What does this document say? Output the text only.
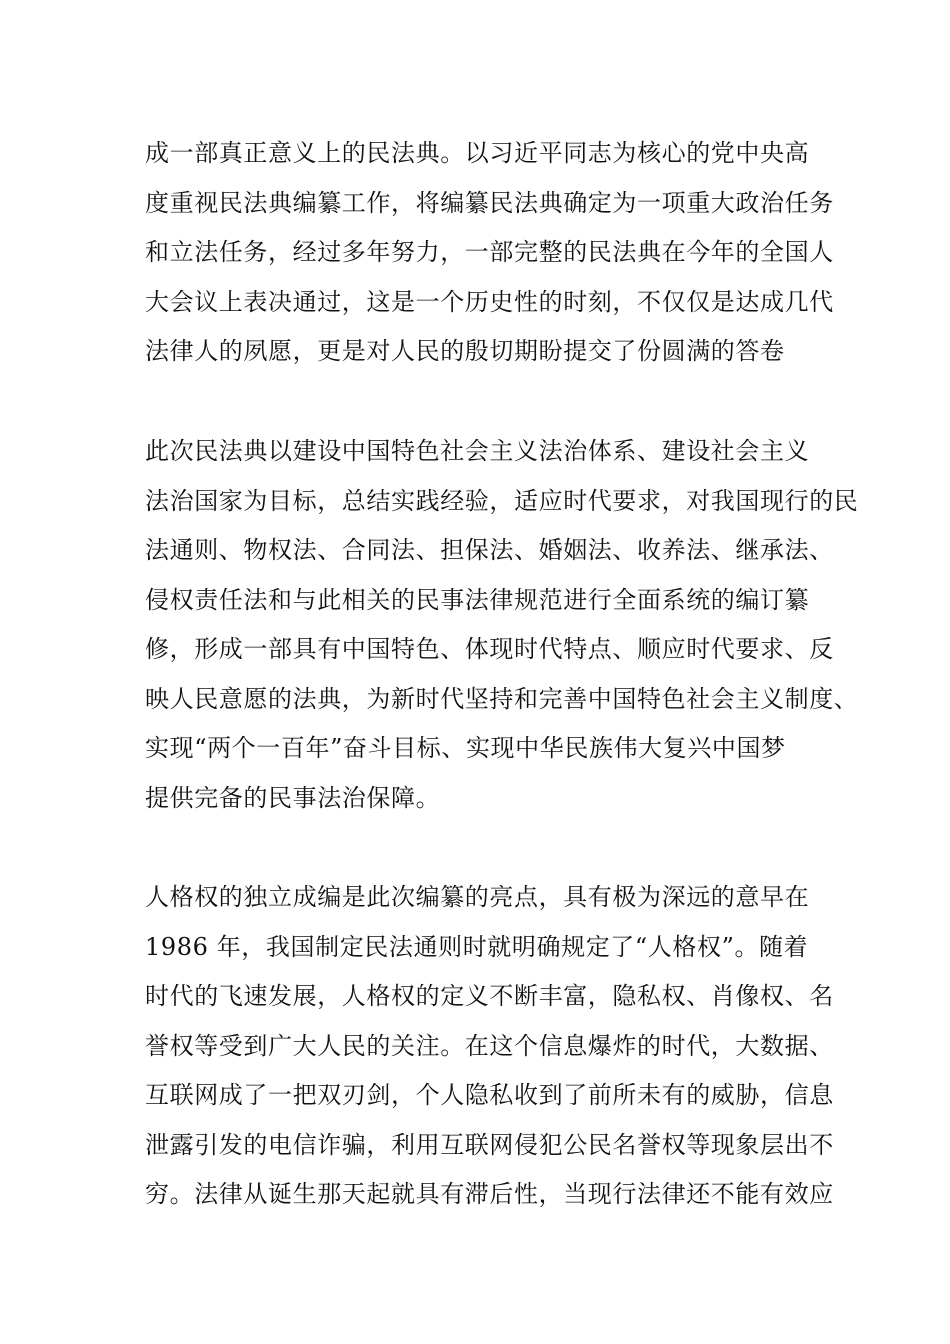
成一部真正意义上的民法典。以习近平同志为核心的党中央高
度重视民法典编纂工作，将编纂民法典确定为一项重大政治任务
和立法任务，经过多年努力，一部完整的民法典在今年的全国人
大会议上表决通过，这是一个历史性的时刻，不仅仅是达成几代
法律人的夙愿，更是对人民的殷切期盼提交了份圆满的答卷
此次民法典以建设中国特色社会主义法治体系、建设社会主义
法治国家为目标，总结实践经验，适应时代要求，对我国现行的民
法通则、物权法、合同法、担保法、婚姻法、收养法、继承法、
侵权责任法和与此相关的民事法律规范进行全面系统的编订纂
修，形成一部具有中国特色、体现时代特点、顺应时代要求、反
映人民意愿的法典，为新时代坚持和完善中国特色社会主义制度、
实现“两个一百年”奋斗目标、实现中华民族伟大复兴中国梦
提供完备的民事法治保障。
人格权的独立成编是此次编纂的亮点，具有极为深远的意早在
1986 年，我国制定民法通则时就明确规定了“人格权”。随着
时代的飞速发展，人格权的定义不断丰富，隐私权、肖像权、名
誉权等受到广大人民的关注。在这个信息爆炸的时代，大数据、
互联网成了一把双刃剑，个人隐私收到了前所未有的威胁，信息
泄露引发的电信诈骗，利用互联网侵犯公民名誉权等现象层出不
穷。法律从诞生那天起就具有滞后性，当现行法律还不能有效应
